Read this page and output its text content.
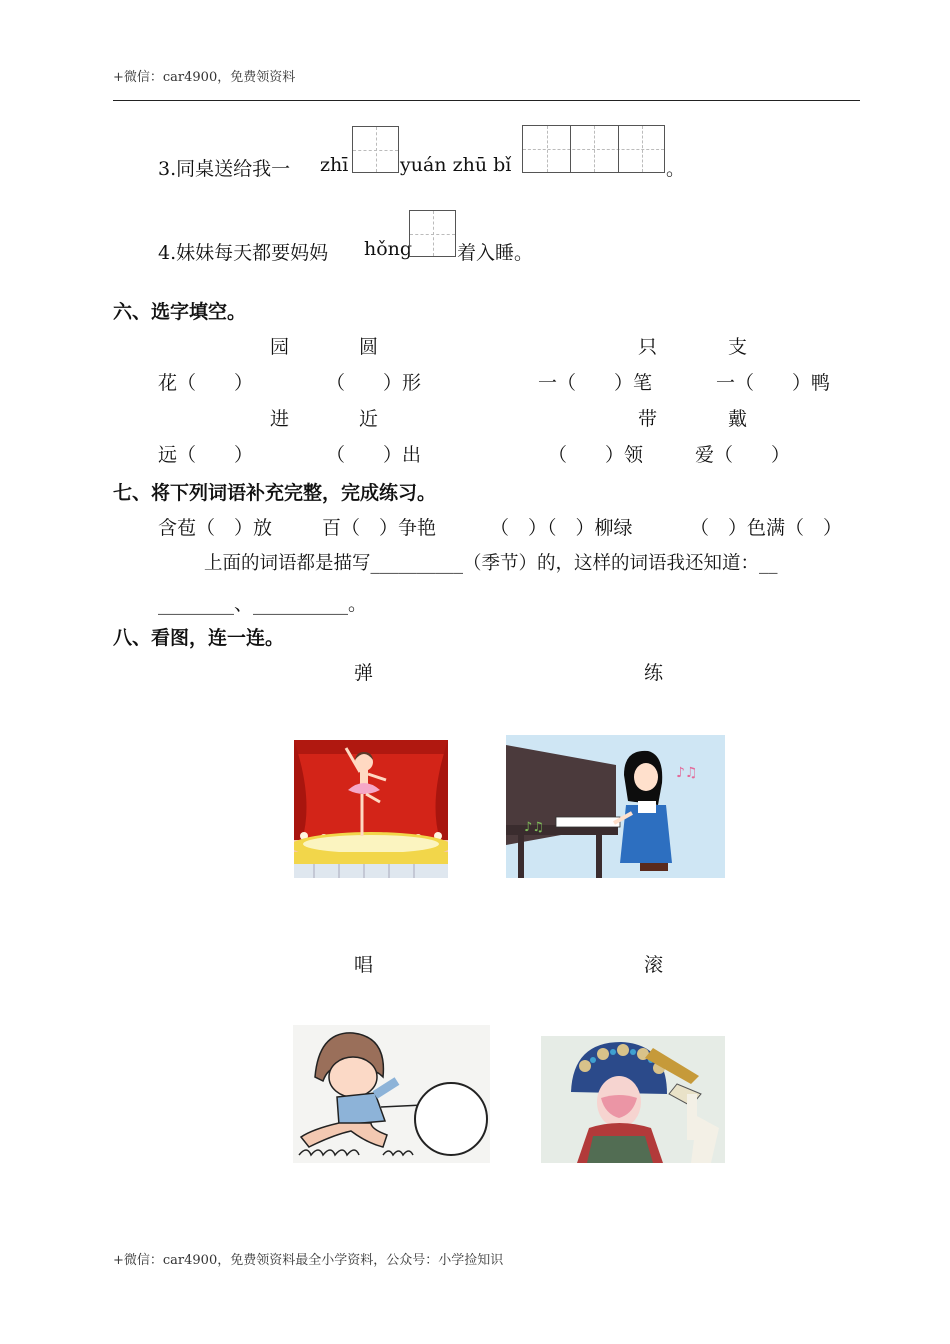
+微信：car4900，免费领资料
3.同桌送给我一 zhī	yuán zhū bǐ	。
4.妹妹每天都要妈妈 hǒng 着入睡。
六、选字填空。
园	圆	只	支
花（　　）	（　　）形	一（　　）笔	一（　　）鸭
进	近	带	戴
远（　　）	（　　）出	（　　）领	爱（　　）
七、将下列词语补充完整，完成练习。
含苞（　）放	百（　）争艳	（　）（　）柳绿	（　）色满（　）
上面的词语都是描写__________（季节）的，这样的词语我还知道：__
________、__________。
八、看图，连一连。
弹	练
唱	滚
♪♫
♪♫
+微信：car4900，免费领资料最全小学资料，公众号：小学捡知识
